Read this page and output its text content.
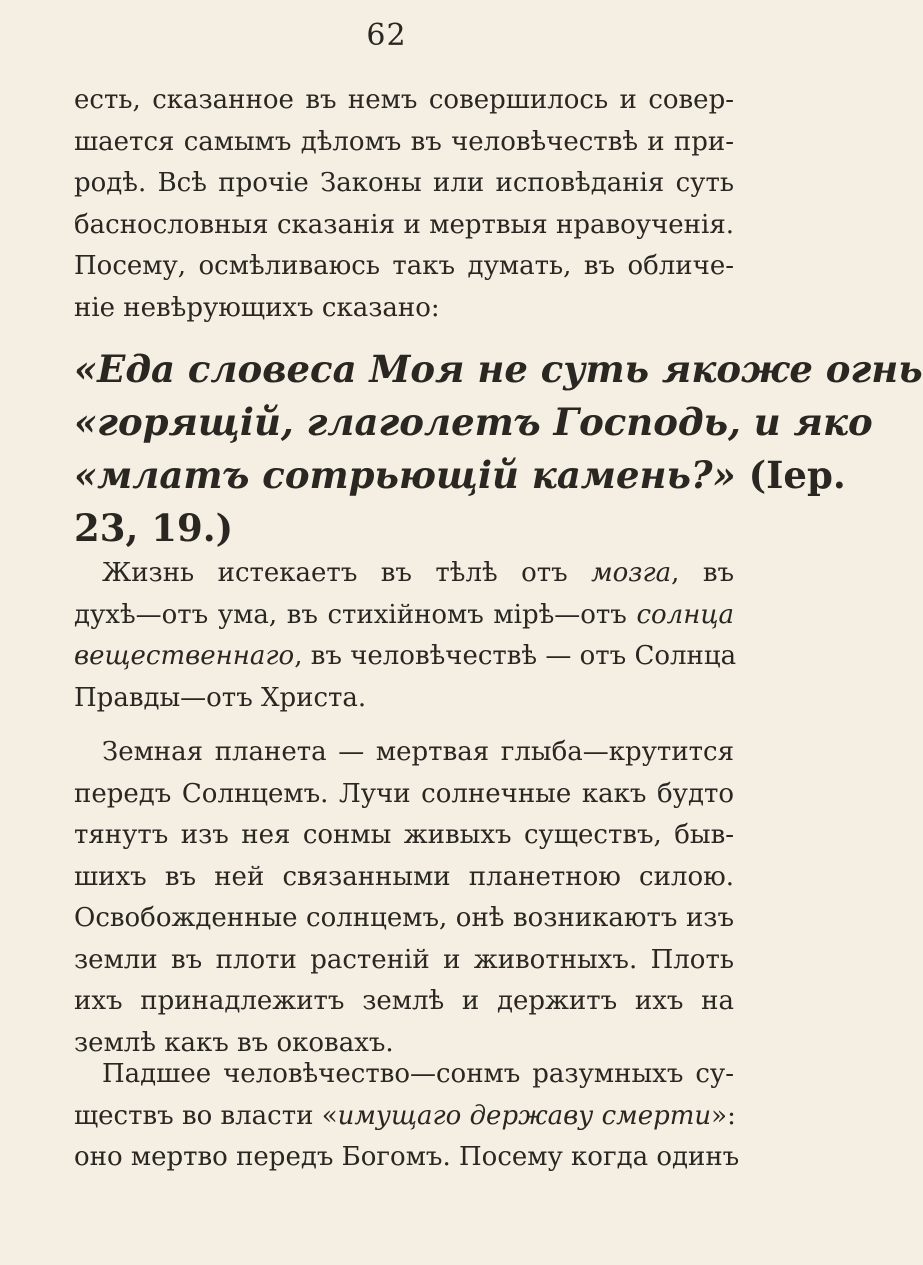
62
есть, сказанное въ немъ совершилось и совер-
шается самымъ дѣломъ въ человѣчествѣ и при-
родѣ. Всѣ прочіе Законы или исповѣданія суть
баснословныя сказанія и мертвыя нравоученія.
Посему, осмѣливаюсь такъ думать, въ обличе-
ніе невѣрующихъ сказано:
«Еда словеса Моя не суть якоже огнь
«горящій, глаголетъ Господь, и яко
«млатъ сотрьющій камень?» (Іер.
23, 19.)
Жизнь истекаетъ въ тѣлѣ отъ мозга, въ
духѣ—отъ ума, въ стихійномъ мірѣ—отъ солнца
вещественнаго, въ человѣчествѣ — отъ Солнца
Правды—отъ Христа.
Земная планета — мертвая глыба—крутится
передъ Солнцемъ. Лучи солнечные какъ будто
тянутъ изъ нея сонмы живыхъ существъ, быв-
шихъ въ ней связанными планетною силою.
Освобожденные солнцемъ, онѣ возникаютъ изъ
земли въ плоти растеній и животныхъ. Плоть
ихъ принадлежитъ землѣ и держитъ ихъ на
землѣ какъ въ оковахъ.
Падшее человѣчество—сонмъ разумныхъ су-
ществъ во власти «имущаго державу смерти»:
оно мертво передъ Богомъ. Посему когда одинъ
